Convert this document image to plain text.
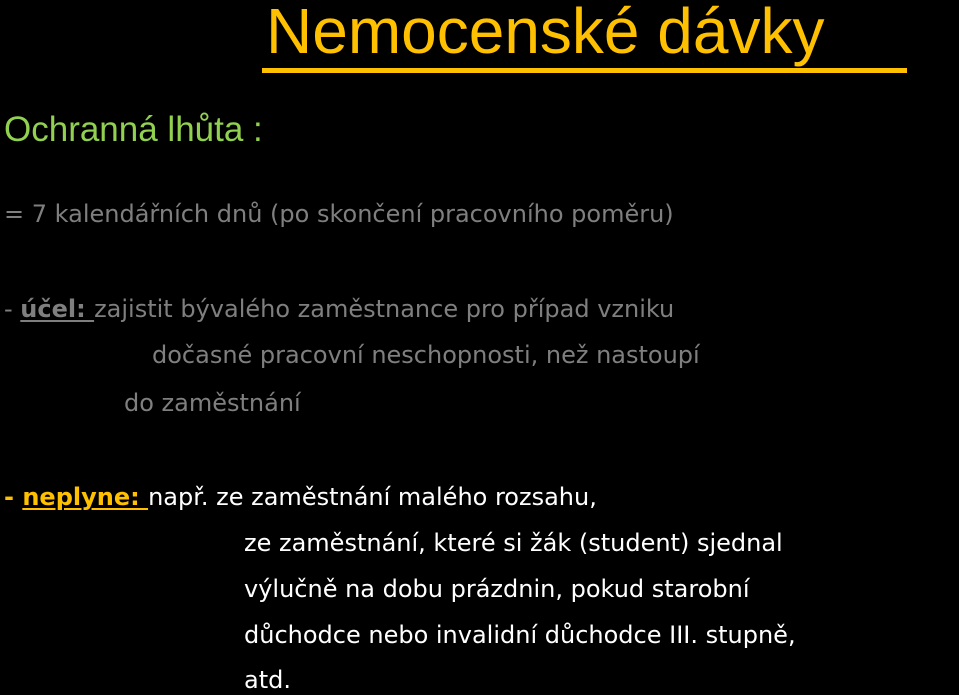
Nemocenské dávky
Ochranná lhůta :
= 7 kalendářních dnů (po skončení pracovního poměru)
- účel: zajistit bývalého zaměstnance pro případ vzniku
dočasné pracovní neschopnosti, než nastoupí
do zaměstnání
- neplyne: např. ze zaměstnání malého rozsahu,
ze zaměstnání, které si žák (student) sjednal
výlučně na dobu prázdnin, pokud starobní
důchodce nebo invalidní důchodce III. stupně,
atd.
